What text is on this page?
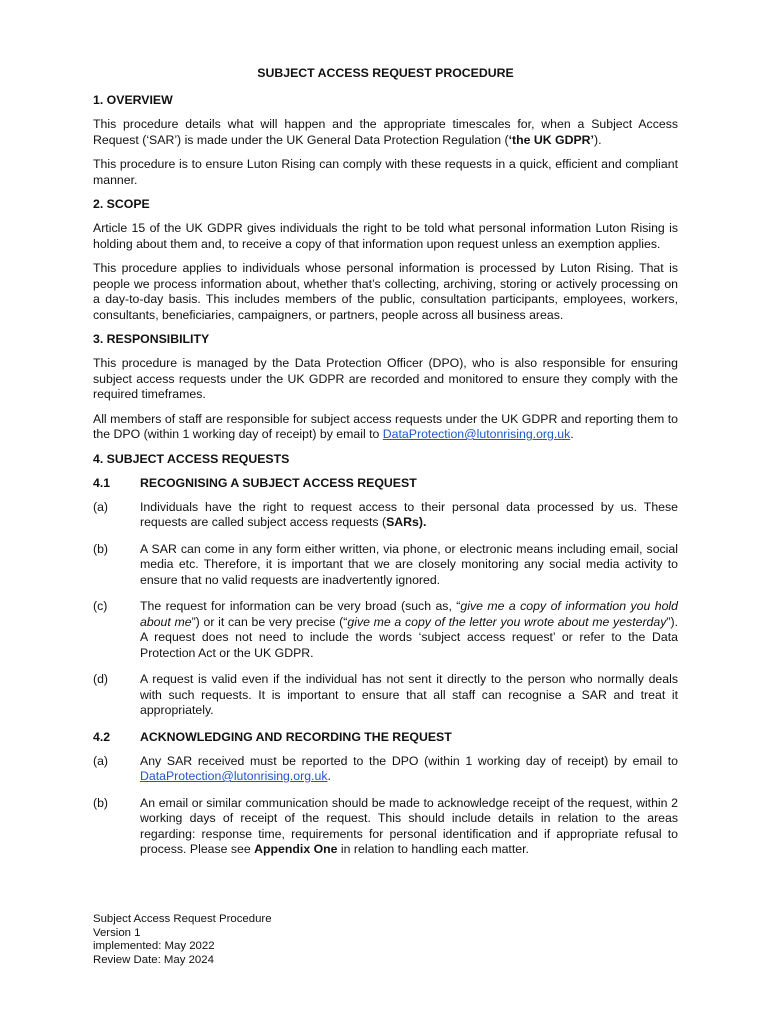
SUBJECT ACCESS REQUEST PROCEDURE
1. OVERVIEW

This procedure details what will happen and the appropriate timescales for, when a Subject Access Request (‘SAR’) is made under the UK General Data Protection Regulation (‘the UK GDPR’).

This procedure is to ensure Luton Rising can comply with these requests in a quick, efficient and compliant manner.

2. SCOPE

Article 15 of the UK GDPR gives individuals the right to be told what personal information Luton Rising is holding about them and, to receive a copy of that information upon request unless an exemption applies.

This procedure applies to individuals whose personal information is processed by Luton Rising. That is people we process information about, whether that’s collecting, archiving, storing or actively processing on a day-to-day basis. This includes members of the public, consultation participants, employees, workers, consultants, beneficiaries, campaigners, or partners, people across all business areas.

3. RESPONSIBILITY

This procedure is managed by the Data Protection Officer (DPO), who is also responsible for ensuring subject access requests under the UK GDPR are recorded and monitored to ensure they comply with the required timeframes.

All members of staff are responsible for subject access requests under the UK GDPR and reporting them to the DPO (within 1 working day of receipt) by email to DataProtection@lutonrising.org.uk.

4. SUBJECT ACCESS REQUESTS
4.1	RECOGNISING A SUBJECT ACCESS REQUEST
(a)	Individuals have the right to request access to their personal data processed by us. These requests are called subject access requests (SARs).
(b)	A SAR can come in any form either written, via phone, or electronic means including email, social media etc. Therefore, it is important that we are closely monitoring any social media activity to ensure that no valid requests are inadvertently ignored.
(c)	The request for information can be very broad (such as, “give me a copy of information you hold about me”) or it can be very precise (“give me a copy of the letter you wrote about me yesterday”). A request does not need to include the words ‘subject access request’ or refer to the Data Protection Act or the UK GDPR.
(d)	A request is valid even if the individual has not sent it directly to the person who normally deals with such requests. It is important to ensure that all staff can recognise a SAR and treat it appropriately.
4.2	ACKNOWLEDGING AND RECORDING THE REQUEST
(a)	Any SAR received must be reported to the DPO (within 1 working day of receipt) by email to DataProtection@lutonrising.org.uk.
(b)	An email or similar communication should be made to acknowledge receipt of the request, within 2 working days of receipt of the request. This should include details in relation to the areas regarding: response time, requirements for personal identification and if appropriate refusal to process. Please see Appendix One in relation to handling each matter.
Subject Access Request Procedure
Version 1
implemented: May 2022
Review Date: May 2024
